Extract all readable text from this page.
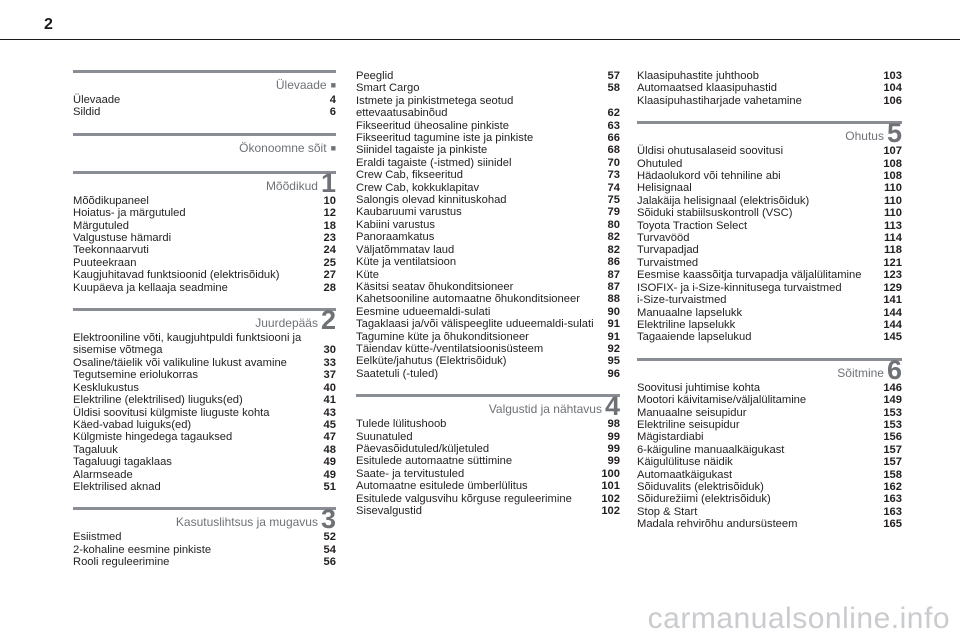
2
Ülevaade ■
Ülevaade	4
Sildid	6
Ökonoomne sõit ■
Mõõdikud 1
Mõõdikupaneel	10
Hoiatus- ja märgutuled	12
Märgutuled	18
Valgustuse hämardi	23
Teekonnaarvuti	24
Puuteekraan	25
Kaugjuhitavad funktsioonid (elektrisõiduk)	27
Kuupäeva ja kellaaja seadmine	28
Juurdepääs 2
Elektrooniline võti, kaugjuhtpuldi funktsiooni ja sisemise võtmega	30
Osaline/täielik või valikuline lukust avamine	33
Tegutsemine eriolukorras	37
Kesklukustus	40
Elektriline (elektrilised) liuguks(ed)	41
Üldisi soovitusi külgmiste liuguste kohta	43
Käed-vabad luiguks(ed)	45
Külgmiste hingedega tagauksed	47
Tagaluuk	48
Tagaluugi tagaklaas	49
Alarmseade	49
Elektrilised aknad	51
Kasutuslihtsus ja mugavus 3
Esiistmed	52
2-kohaline eesmine pinkiste	54
Rooli reguleerimine	56
Peeglid	57
Smart Cargo	58
Istmete ja pinkistmetega seotud ettevaatusabinõud	62
Fikseeritud üheosaline pinkiste	63
Fikseeritud tagumine iste ja pinkiste	66
Siinidel tagaiste ja pinkiste	68
Eraldi tagaiste (-istmed) siinidel	70
Crew Cab, fikseeritud	73
Crew Cab, kokkuklapitav	74
Salongis olevad kinnituskohad	75
Kaubaruumi varustus	79
Kabiini varustus	80
Panoraamkatus	82
Väljatõmmatav laud	82
Küte ja ventilatsioon	86
Küte	87
Käsitsi seatav õhukonditsioneer	87
Kahetsooniline automaatne õhukonditsioneer	88
Eesmine udueemaldi-sulati	90
Tagaklaasi ja/või välispeeglite udueemaldi-sulati	91
Tagumine küte ja õhukonditsioneer	91
Täiendav kütte-/ventilatsioonisüsteem	92
Eelküte/jahutus (Elektrisõiduk)	95
Saatetuli (-tuled)	96
Valgustid ja nähtavus 4
Tulede lülitushoob	98
Suunatuled	99
Päevasõidutuled/küljetuled	99
Esitulede automaatne süttimine	99
Saate- ja tervitustuled	100
Automaatne esitulede ümberlülitus	101
Esitulede valgusvihu kõrguse reguleerimine	102
Sisevalgustid	102
Klaasipuhastite juhthoob	103
Automaatsed klaasipuhastid	104
Klaasipuhastiharjade vahetamine	106
Ohutus 5
Üldisi ohutusalaseid soovitusi	107
Ohutuled	108
Hädaolukord või tehniline abi	108
Helisignaal	110
Jalakäija helisignaal (elektrisõiduk)	110
Sõiduki stabiilsuskontroll (VSC)	110
Toyota Traction Select	113
Turvavööd	114
Turvapadjad	118
Turvaistmed	121
Eesmise kaassõitja turvapadja väljalülitamine	123
ISOFIX- ja i-Size-kinnitusega turvaistmed	129
i-Size-turvaistmed	141
Manuaalne lapselukk	144
Elektriline lapselukk	144
Tagaaiende lapselukud	145
Sõitmine 6
Soovitusi juhtimise kohta	146
Mootori käivitamise/väljalülitamine	149
Manuaalne seisupidur	153
Elektriline seisupidur	153
Mägistardiabi	156
6-käiguline manuaalkäigukast	157
Käigulülituse näidik	157
Automaatkäigukast	158
Sõiduvalits (elektrisõiduk)	162
Sõidurežiimi (elektrisõiduk)	163
Stop & Start	163
Madala rehvirõhu andursüsteem	165
carmanualsonline.info
